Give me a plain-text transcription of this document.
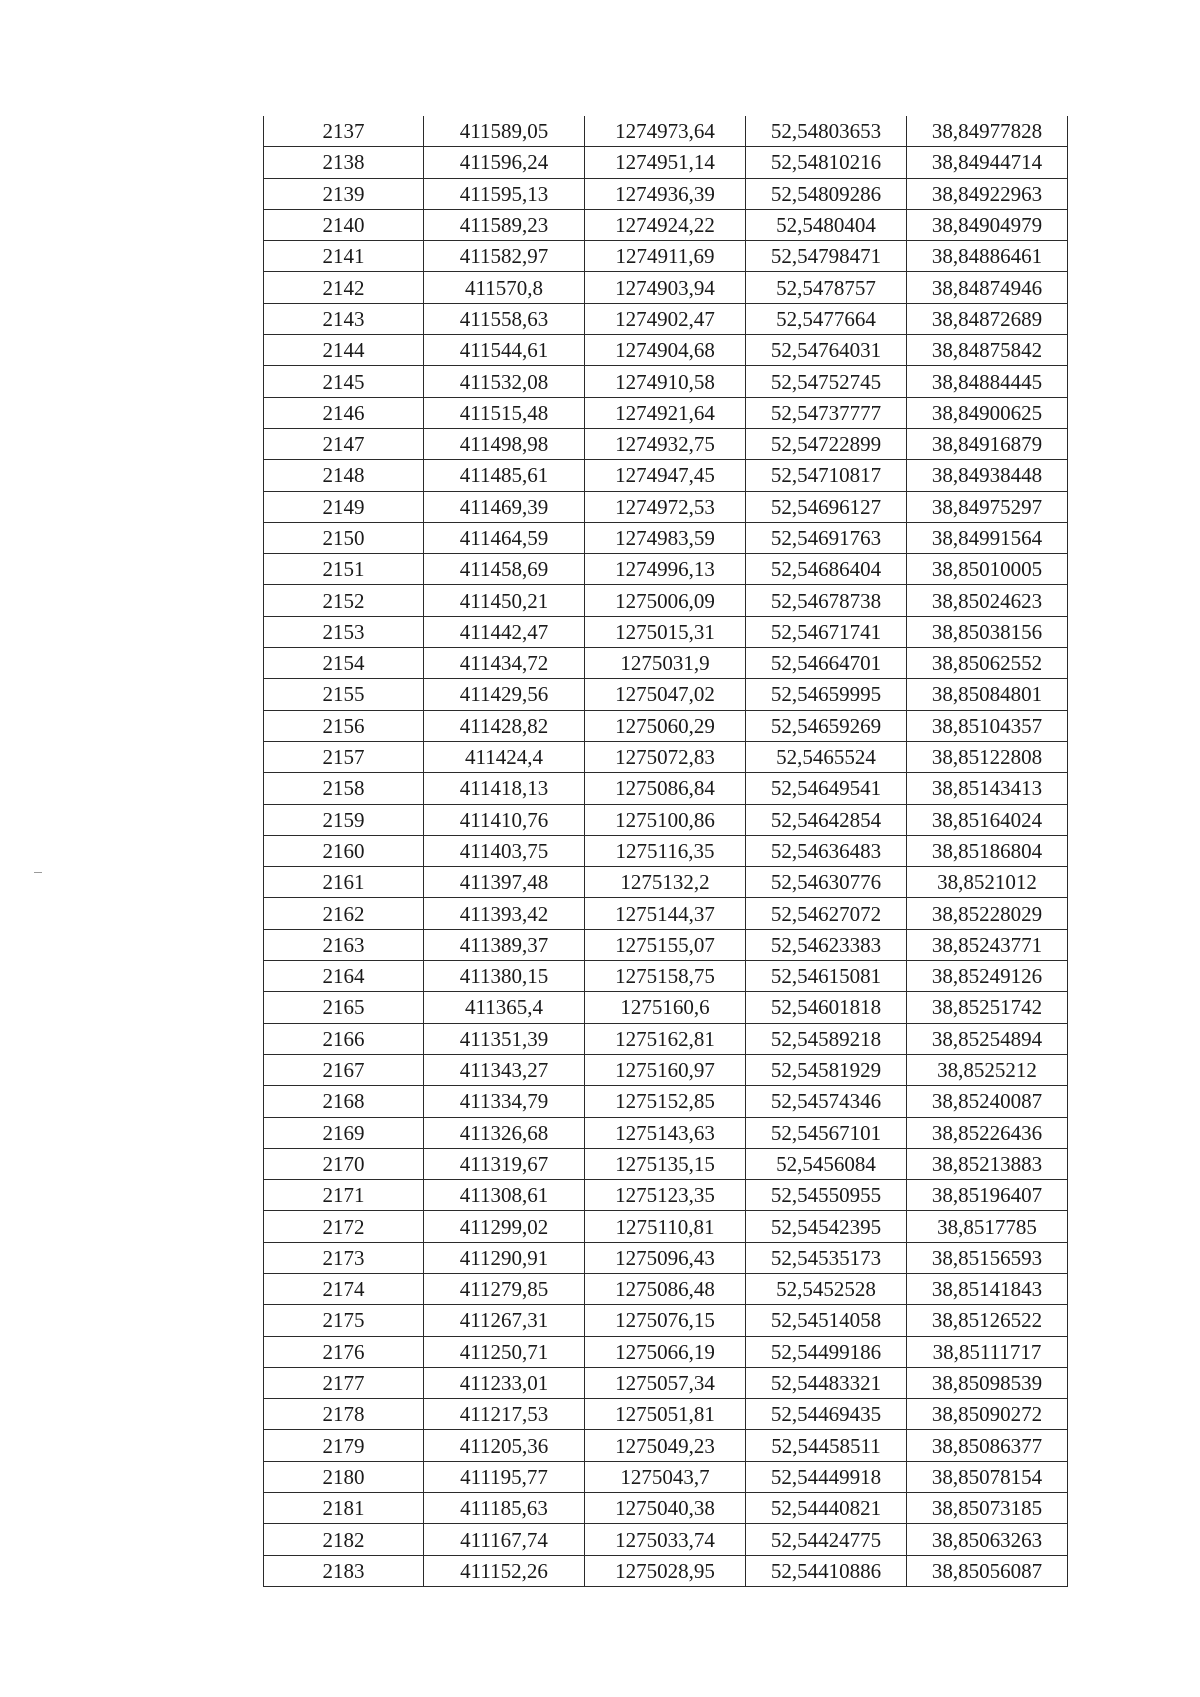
2137	411589,05	1274973,64	52,54803653	38,84977828
2138	411596,24	1274951,14	52,54810216	38,84944714
2139	411595,13	1274936,39	52,54809286	38,84922963
2140	411589,23	1274924,22	52,5480404	38,84904979
2141	411582,97	1274911,69	52,54798471	38,84886461
2142	411570,8	1274903,94	52,5478757	38,84874946
2143	411558,63	1274902,47	52,5477664	38,84872689
2144	411544,61	1274904,68	52,54764031	38,84875842
2145	411532,08	1274910,58	52,54752745	38,84884445
2146	411515,48	1274921,64	52,54737777	38,84900625
2147	411498,98	1274932,75	52,54722899	38,84916879
2148	411485,61	1274947,45	52,54710817	38,84938448
2149	411469,39	1274972,53	52,54696127	38,84975297
2150	411464,59	1274983,59	52,54691763	38,84991564
2151	411458,69	1274996,13	52,54686404	38,85010005
2152	411450,21	1275006,09	52,54678738	38,85024623
2153	411442,47	1275015,31	52,54671741	38,85038156
2154	411434,72	1275031,9	52,54664701	38,85062552
2155	411429,56	1275047,02	52,54659995	38,85084801
2156	411428,82	1275060,29	52,54659269	38,85104357
2157	411424,4	1275072,83	52,5465524	38,85122808
2158	411418,13	1275086,84	52,54649541	38,85143413
2159	411410,76	1275100,86	52,54642854	38,85164024
2160	411403,75	1275116,35	52,54636483	38,85186804
2161	411397,48	1275132,2	52,54630776	38,8521012
2162	411393,42	1275144,37	52,54627072	38,85228029
2163	411389,37	1275155,07	52,54623383	38,85243771
2164	411380,15	1275158,75	52,54615081	38,85249126
2165	411365,4	1275160,6	52,54601818	38,85251742
2166	411351,39	1275162,81	52,54589218	38,85254894
2167	411343,27	1275160,97	52,54581929	38,8525212
2168	411334,79	1275152,85	52,54574346	38,85240087
2169	411326,68	1275143,63	52,54567101	38,85226436
2170	411319,67	1275135,15	52,5456084	38,85213883
2171	411308,61	1275123,35	52,54550955	38,85196407
2172	411299,02	1275110,81	52,54542395	38,8517785
2173	411290,91	1275096,43	52,54535173	38,85156593
2174	411279,85	1275086,48	52,5452528	38,85141843
2175	411267,31	1275076,15	52,54514058	38,85126522
2176	411250,71	1275066,19	52,54499186	38,85111717
2177	411233,01	1275057,34	52,54483321	38,85098539
2178	411217,53	1275051,81	52,54469435	38,85090272
2179	411205,36	1275049,23	52,54458511	38,85086377
2180	411195,77	1275043,7	52,54449918	38,85078154
2181	411185,63	1275040,38	52,54440821	38,85073185
2182	411167,74	1275033,74	52,54424775	38,85063263
2183	411152,26	1275028,95	52,54410886	38,85056087
